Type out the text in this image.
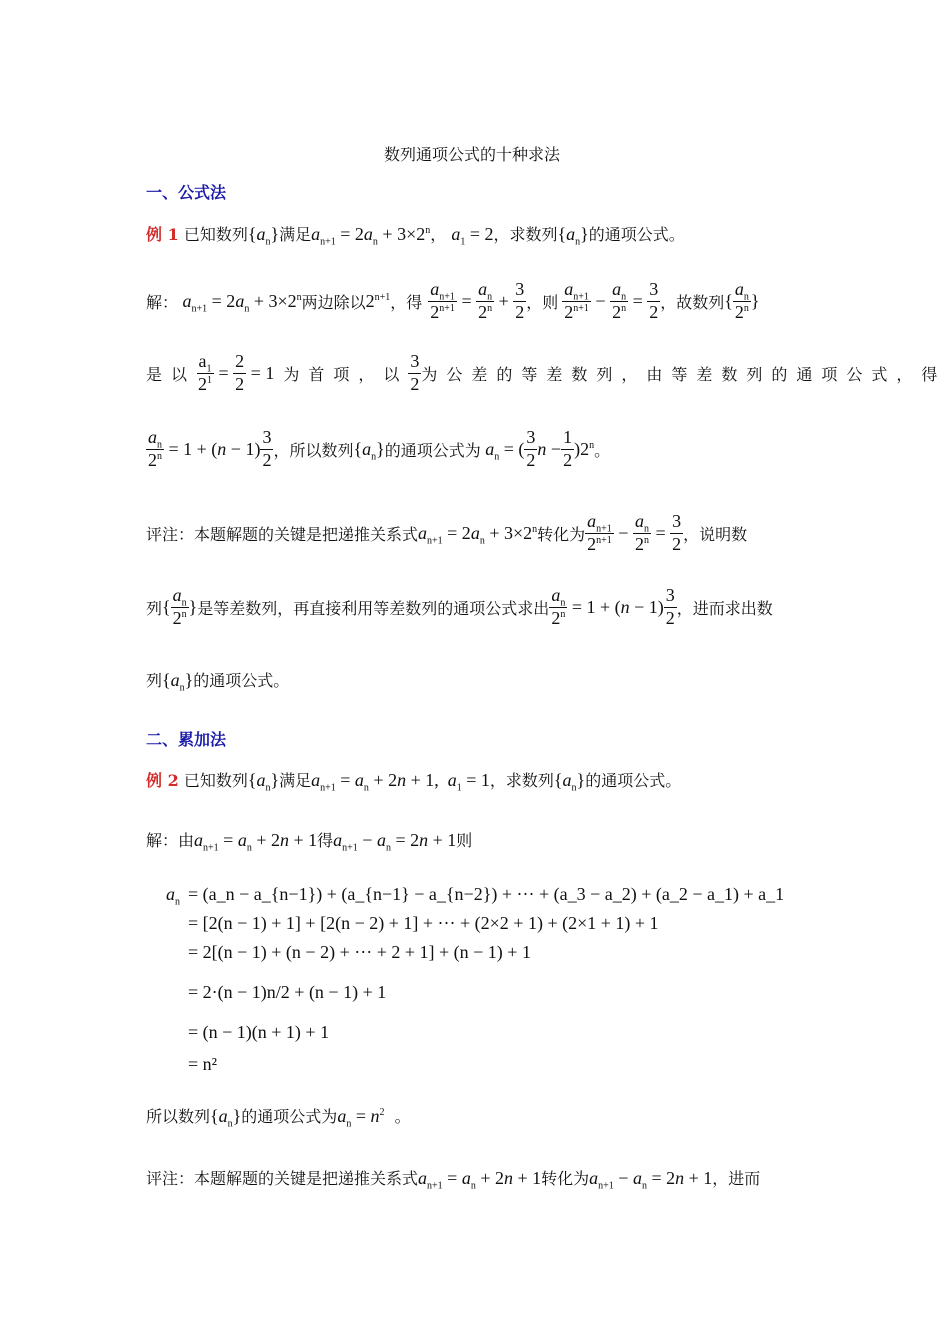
数列通项公式的十种求法
一、公式法
例 1 已知数列$\{a_n\}$满足$a_{n+1} = 2a_n + 3\times 2^n$， $a_1 = 2$，求数列$\{a_n\}$的通项公式。
解： $a_{n+1} = 2a_n + 3\times 2^n$ 两边除以 $2^{n+1}$ ，得 $\frac{a_{n+1}}{2^{n+1}} = \frac{a_n}{2^n} + \frac{3}{2}$ ，则
$a_{n+1}$
$2^{n+1} - \frac{a_n}{2^n} = \frac{3}{2}$ ，故数列 {
$a_n$
2$^n$ }
是以 $\frac{a_1}{2^1} = \frac{2}{2} = 1$ 为首项，以
3
2 为公差的等差数列，由等差数列的通项公式，得
$\frac{a_n}{2^n} = 1 + (n - 1)$
3
2 ，所以数列 $\{a_n\}$ 的通项公式为 $a_n$ = (
3
2
$n - \frac{1}{2} )2^n$ 。
评注：本题解题的关键是把递推关系式 $a_{n+1} = 2a_n + 3\times 2^n$ 转化为
$a_{n+1}$
$2^{n+1} - \frac{a_n}{2^n} = \frac{3}{2}$ ，说明数
列 {
$a_n$
2$^n$ } 是等差数列，再直接利用等差数列的通项公式求出 $\frac{a_n}{2^n} = 1 + (n - 1)$
3
2 ，进而求出数
列$\{a_n\}$的通项公式。
二、累加法
例 2 已知数列$\{a_n\}$满足$a_{n+1} = a_n + 2n + 1$,  $a_1 = 1$，求数列$\{a_n\}$的通项公式。
解：由$a_{n+1} = a_n + 2n + 1$得$a_{n+1} - a_n = 2n + 1$则
$a_n$ = (a_n − a_{n−1}) + (a_{n−1} − a_{n−2}) + ··· + (a_3 − a_2) + (a_2 − a_1) + a_1
= [2(n − 1) + 1] + [2(n − 2) + 1] + ··· + (2×2 + 1) + (2×1 + 1) + 1
= 2[(n − 1) + (n − 2) + ··· + 2 + 1] + (n − 1) + 1
= 2·(n − 1)n/2 + (n − 1) + 1
= (n − 1)(n + 1) + 1
= n²
所以数列$\{a_n\}$的通项公式为$a_n = n^2$ 。
评注：本题解题的关键是把递推关系式$a_{n+1} = a_n + 2n + 1$转化为$a_{n+1} - a_n = 2n + 1$，进而
